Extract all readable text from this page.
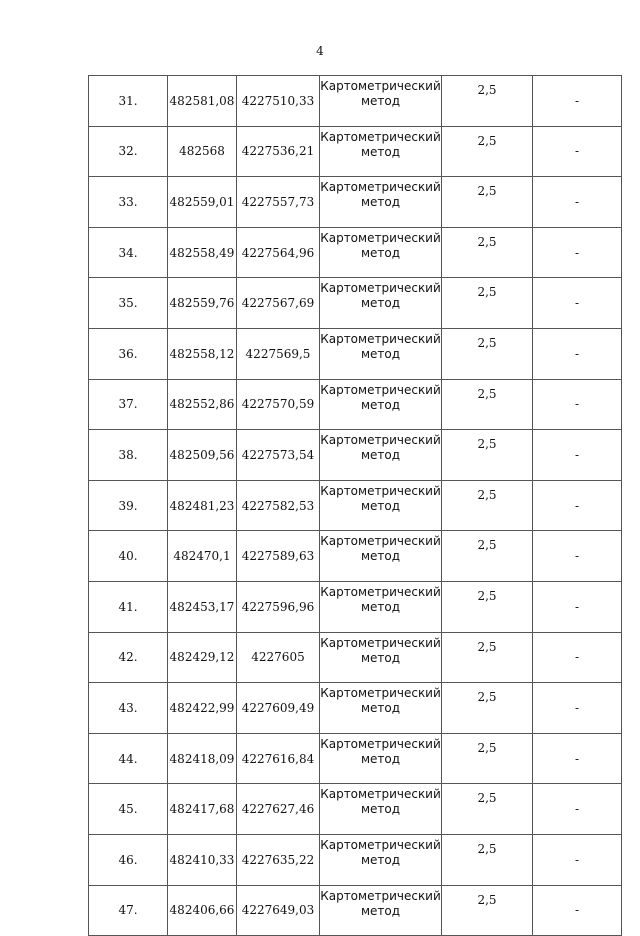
4
31.	482581,08	4227510,33	Картометрический
метод	2,5	-
32.	482568	4227536,21	Картометрический
метод	2,5	-
33.	482559,01	4227557,73	Картометрический
метод	2,5	-
34.	482558,49	4227564,96	Картометрический
метод	2,5	-
35.	482559,76	4227567,69	Картометрический
метод	2,5	-
36.	482558,12	4227569,5	Картометрический
метод	2,5	-
37.	482552,86	4227570,59	Картометрический
метод	2,5	-
38.	482509,56	4227573,54	Картометрический
метод	2,5	-
39.	482481,23	4227582,53	Картометрический
метод	2,5	-
40.	482470,1	4227589,63	Картометрический
метод	2,5	-
41.	482453,17	4227596,96	Картометрический
метод	2,5	-
42.	482429,12	4227605	Картометрический
метод	2,5	-
43.	482422,99	4227609,49	Картометрический
метод	2,5	-
44.	482418,09	4227616,84	Картометрический
метод	2,5	-
45.	482417,68	4227627,46	Картометрический
метод	2,5	-
46.	482410,33	4227635,22	Картометрический
метод	2,5	-
47.	482406,66	4227649,03	Картометрический
метод	2,5	-
